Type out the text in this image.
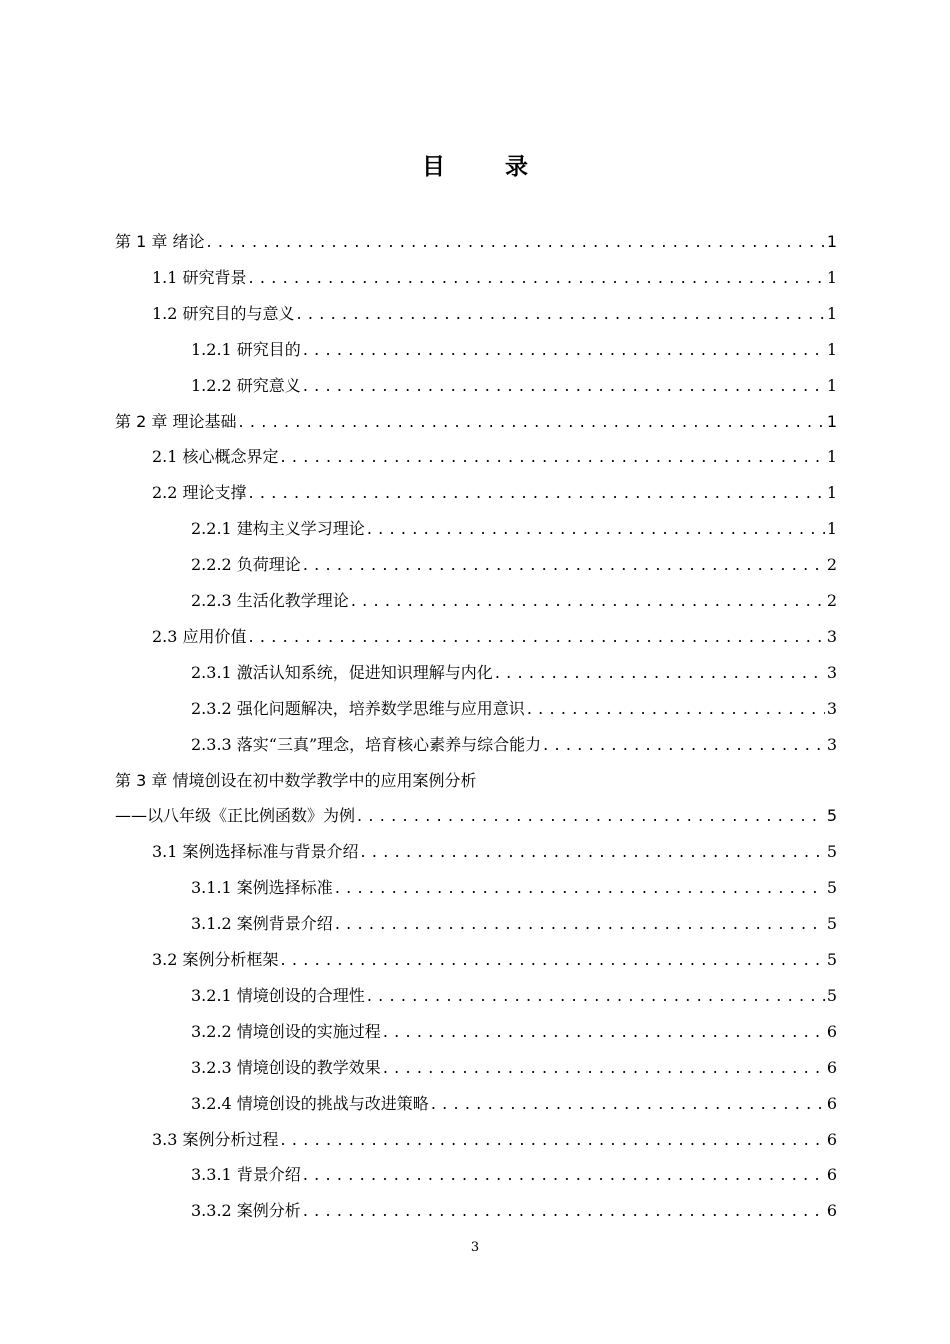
目 录
第 1 章 绪论 . . .	1
1.1 研究背景 . . .	1
1.2 研究目的与意义 . . .	1
1.2.1 研究目的 . . .	1
1.2.2 研究意义 . . .	1
第 2 章 理论基础 . . .	1
2.1 核心概念界定 . . .	1
2.2 理论支撑 . . .	1
2.2.1 建构主义学习理论 . . .	1
2.2.2 负荷理论 . . .	2
2.2.3 生活化教学理论 . . .	2
2.3 应用价值 . . .	3
2.3.1 激活认知系统，促进知识理解与内化 . . .	3
2.3.2 强化问题解决，培养数学思维与应用意识 . . .	3
2.3.3 落实“三真”理念，培育核心素养与综合能力 . . .	3
第 3 章 情境创设在初中数学教学中的应用案例分析
——以八年级《正比例函数》为例 . . .	5
3.1 案例选择标准与背景介绍 . . .	5
3.1.1 案例选择标准 . . .	5
3.1.2 案例背景介绍 . . .	5
3.2 案例分析框架 . . .	5
3.2.1 情境创设的合理性 . . .	5
3.2.2 情境创设的实施过程 . . .	6
3.2.3 情境创设的教学效果 . . .	6
3.2.4 情境创设的挑战与改进策略 . . .	6
3.3 案例分析过程 . . .	6
3.3.1 背景介绍 . . .	6
3.3.2 案例分析 . . .	6
3
